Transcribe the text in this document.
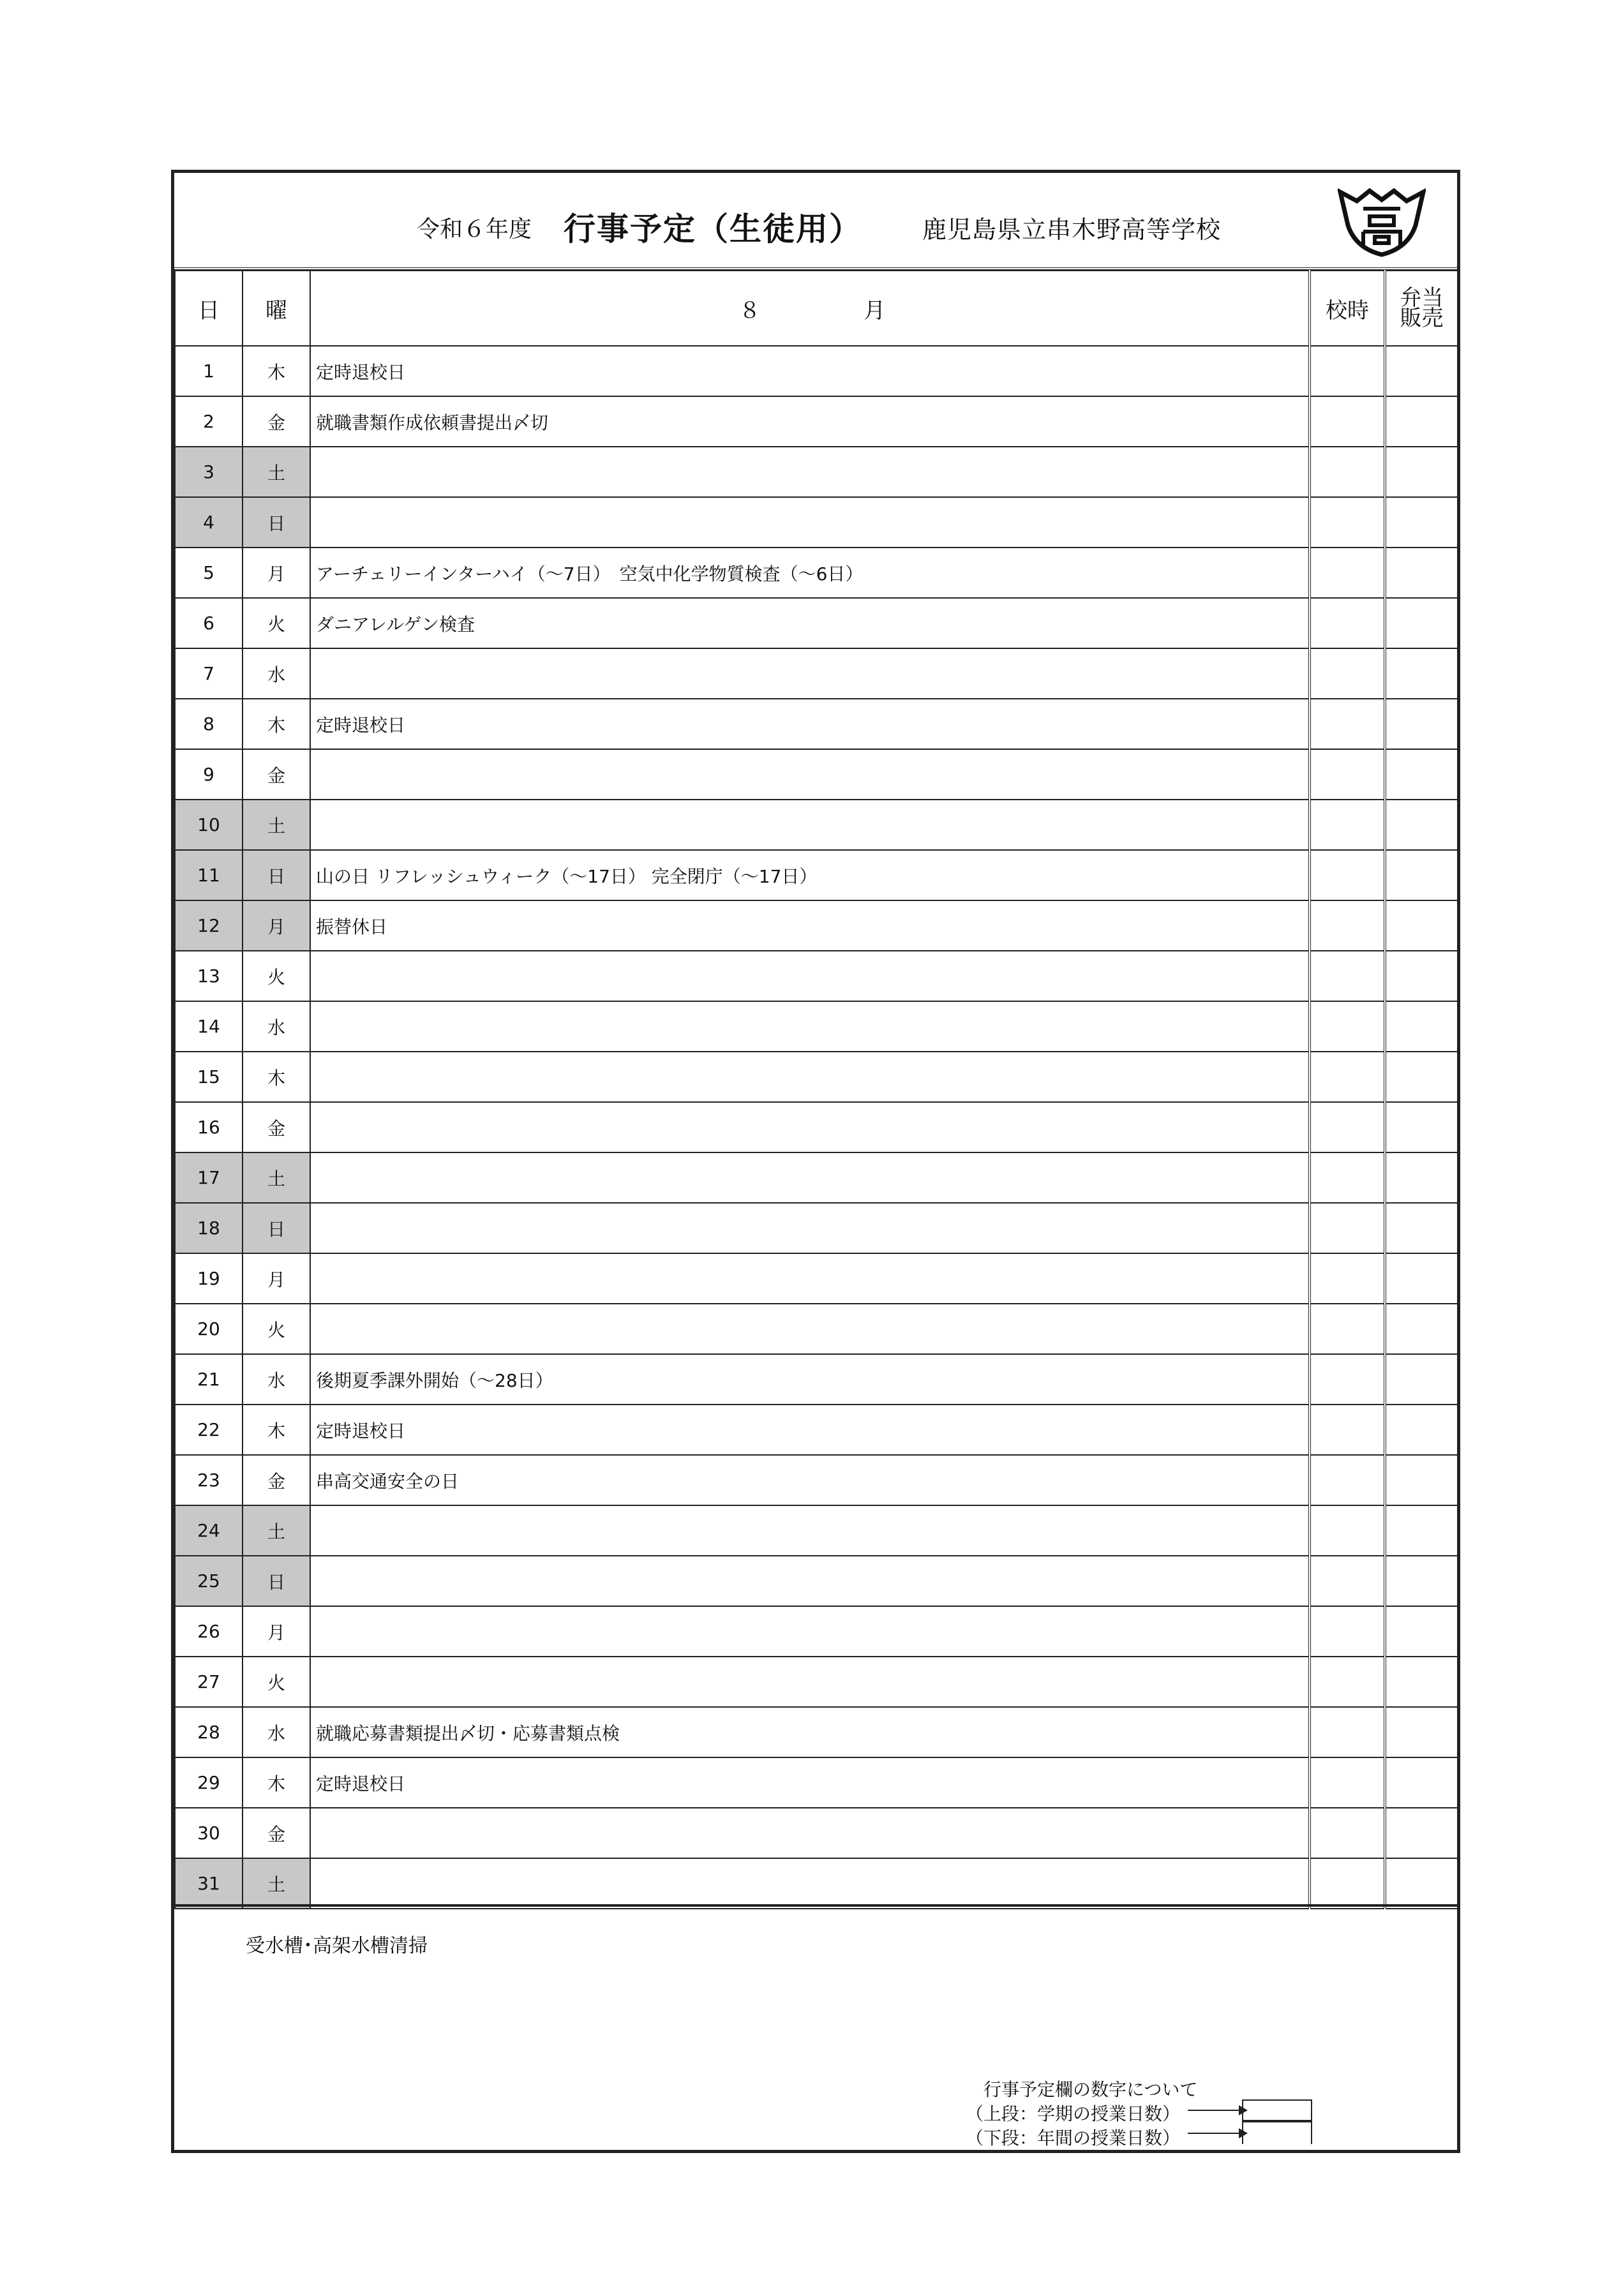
令和６年度 行事予定（生徒用） 鹿児島県立串木野高等学校
日	曜	８ 月	校時	弁当
販売

1	木	定時退校日		
2	金	就職書類作成依頼書提出〆切		
3	土			
4	日			
5	月	アーチェリーインターハイ（～7日）　空気中化学物質検査（～6日）		
6	火	ダニアレルゲン検査		
7	水			
8	木	定時退校日		
9	金			
10	土			
11	日	山の日 リフレッシュウィーク（～17日） 完全閉庁（～17日）		
12	月	振替休日		
13	火			
14	水			
15	木			
16	金			
17	土			
18	日			
19	月			
20	火			
21	水	後期夏季課外開始（～28日）		
22	木	定時退校日		
23	金	串高交通安全の日		
24	土			
25	日			
26	月			
27	火			
28	水	就職応募書類提出〆切・応募書類点検		
29	木	定時退校日		
30	金			
31	土			
受水槽･高架水槽清掃
行事予定欄の数字について
（上段：学期の授業日数）
（下段：年間の授業日数）
